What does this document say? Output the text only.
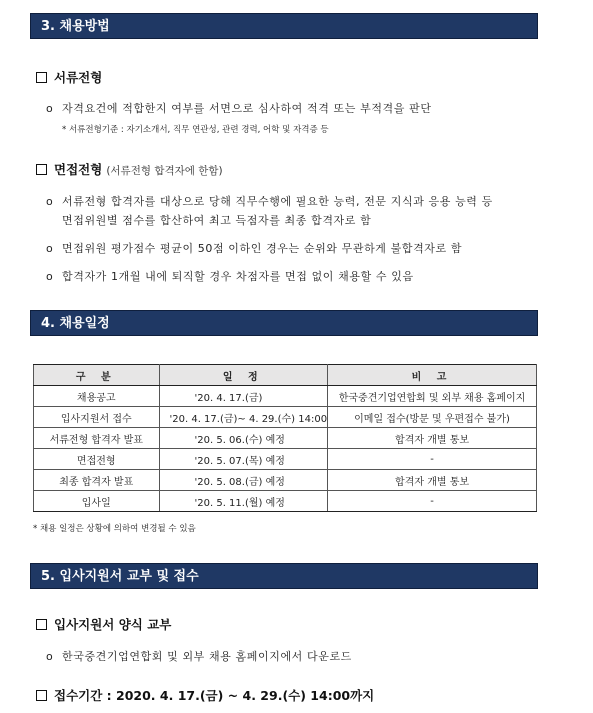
3. 채용방법
서류전형
o 자격요건에 적합한지 여부를 서면으로 심사하여 적격 또는 부적격을 판단
* 서류전형기준 : 자기소개서, 직무 연관성, 관련 경력, 어학 및 자격증 등
면접전형 (서류전형 합격자에 한함)
o 서류전형 합격자를 대상으로 당해 직무수행에 필요한 능력, 전문 지식과 응용 능력 등
면접위원별 점수를 합산하여 최고 득점자를 최종 합격자로 함
o 면접위원 평가점수 평균이 50점 이하인 경우는 순위와 무관하게 불합격자로 함
o 합격자가 1개월 내에 퇴직할 경우 차점자를 면접 없이 채용할 수 있음
4. 채용일정
구 분	일 정	비 고
채용공고	'20. 4. 17.(금)	한국중견기업연합회 및 외부 채용 홈페이지
입사지원서 접수	'20. 4. 17.(금)~ 4. 29.(수) 14:00	이메일 접수(방문 및 우편접수 불가)
서류전형 합격자 발표	'20. 5. 06.(수) 예정	합격자 개별 통보
면접전형	'20. 5. 07.(목) 예정	-
최종 합격자 발표	'20. 5. 08.(금) 예정	합격자 개별 통보
입사일	'20. 5. 11.(월) 예정	-
* 채용 일정은 상황에 의하여 변경될 수 있음
5. 입사지원서 교부 및 접수
입사지원서 양식 교부
o 한국중견기업연합회 및 외부 채용 홈페이지에서 다운로드
접수기간 : 2020. 4. 17.(금) ~ 4. 29.(수) 14:00까지
